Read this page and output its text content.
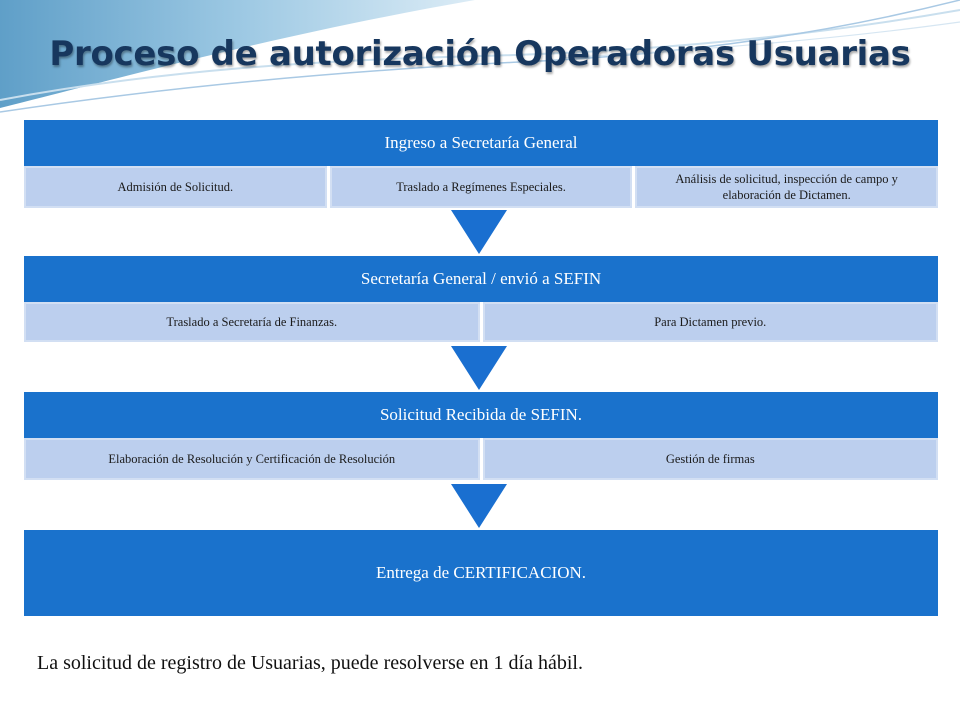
Proceso de autorización Operadoras Usuarias
Ingreso a Secretaría General
Admisión de Solicitud.	Traslado a Regímenes Especiales.
Análisis de solicitud, inspección de campo y elaboración de Dictamen.
Secretaría General / envió a SEFIN
Traslado a Secretaría de Finanzas.	Para Dictamen previo.
Solicitud Recibida de SEFIN.
Elaboración de Resolución y Certificación de Resolución	Gestión de firmas
Entrega de CERTIFICACION.
La solicitud de registro de Usuarias, puede resolverse en 1 día hábil.
